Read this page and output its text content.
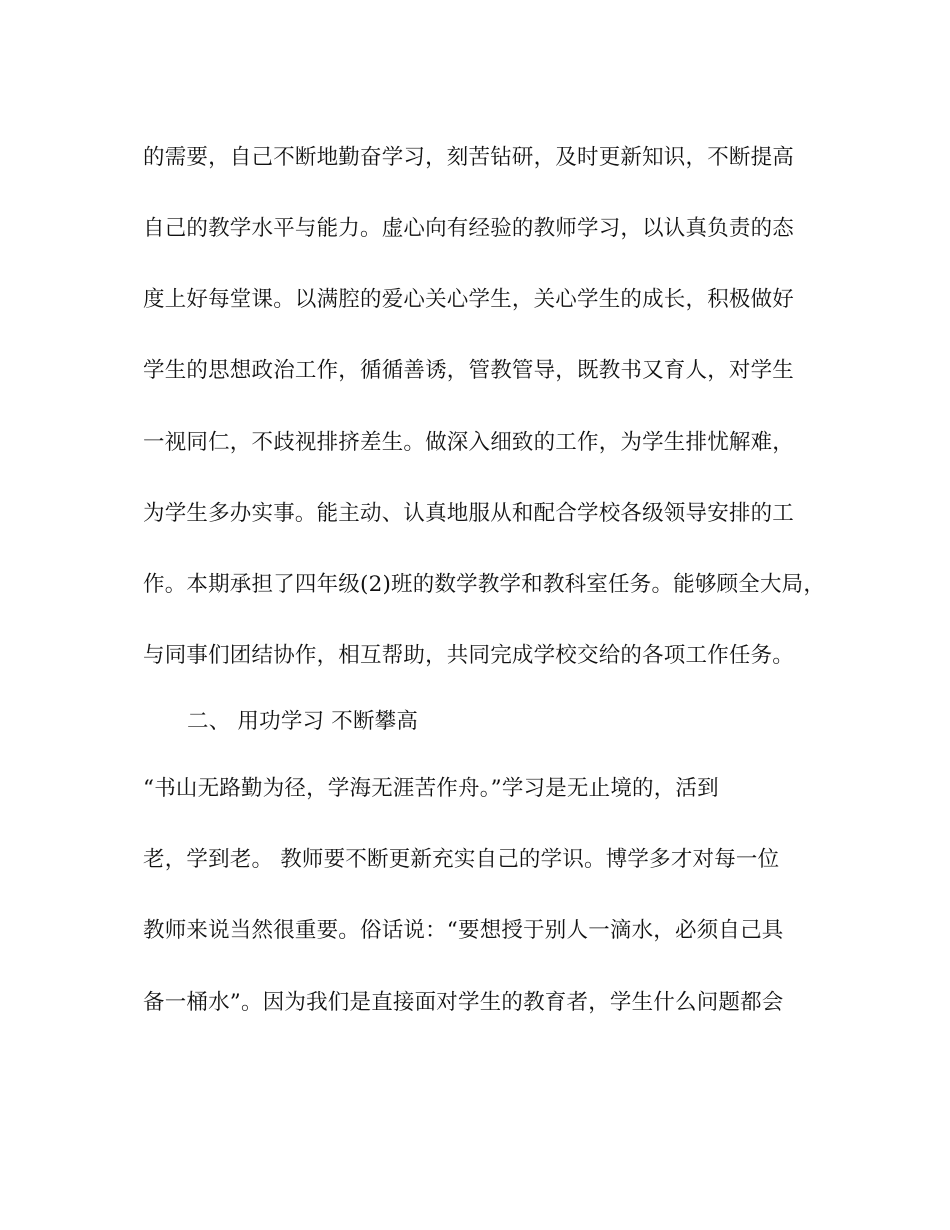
的需要，自己不断地勤奋学习，刻苦钻研，及时更新知识，不断提高
自己的教学水平与能力。虚心向有经验的教师学习，以认真负责的态
度上好每堂课。以满腔的爱心关心学生，关心学生的成长，积极做好
学生的思想政治工作，循循善诱，管教管导，既教书又育人，对学生
一视同仁，不歧视排挤差生。做深入细致的工作，为学生排忧解难，
为学生多办实事。能主动、认真地服从和配合学校各级领导安排的工
作。本期承担了四年级(2)班的数学教学和教科室任务。能够顾全大局，
与同事们团结协作，相互帮助，共同完成学校交给的各项工作任务。
二、 用功学习 不断攀高
“书山无路勤为径，学海无涯苦作舟。”学习是无止境的，活到
老，学到老。 教师要不断更新充实自己的学识。博学多才对每一位
教师来说当然很重要。俗话说：“要想授于别人一滴水，必须自己具
备一桶水”。因为我们是直接面对学生的教育者，学生什么问题都会
